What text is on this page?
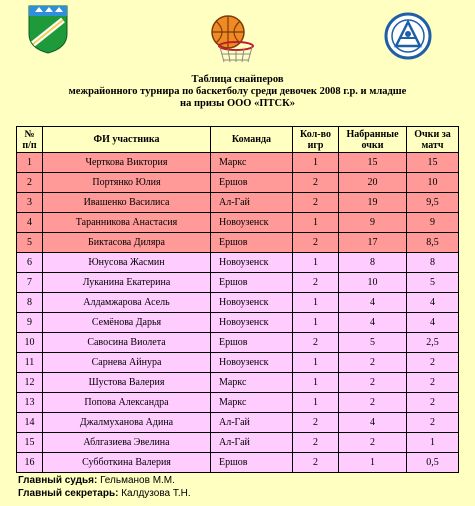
Таблица снайперов
межрайонного турнира по баскетболу среди девочек 2008 г.р. и младше
на призы ООО «ПТСК»
№ п/п	ФИ участника	Команда	Кол-во игр	Набранные очки	Очки за матч
1	Черткова Виктория	Маркс	1	15	15
2	Портянко Юлия	Ершов	2	20	10
3	Ивашенко Василиса	Ал-Гай	2	19	9,5
4	Таранникова Анастасия	Новоузенск	1	9	9
5	Биктасова Диляра	Ершов	2	17	8,5
6	Юнусова Жасмин	Новоузенск	1	8	8
7	Луканина Екатерина	Ершов	2	10	5
8	Алдамжарова Асель	Новоузенск	1	4	4
9	Семёнова Дарья	Новоузенск	1	4	4
10	Савосина Виолета	Ершов	2	5	2,5
11	Сарнева Айнура	Новоузенск	1	2	2
12	Шустова Валерия	Маркс	1	2	2
13	Попова Александра	Маркс	1	2	2
14	Джалмуханова Адина	Ал-Гай	2	4	2
15	Аблгазиева Эвелина	Ал-Гай	2	2	1
16	Субботкина Валерия	Ершов	2	1	0,5
Главный судья: Гельманов М.М.
Главный секретарь: Калдузова Т.Н.
